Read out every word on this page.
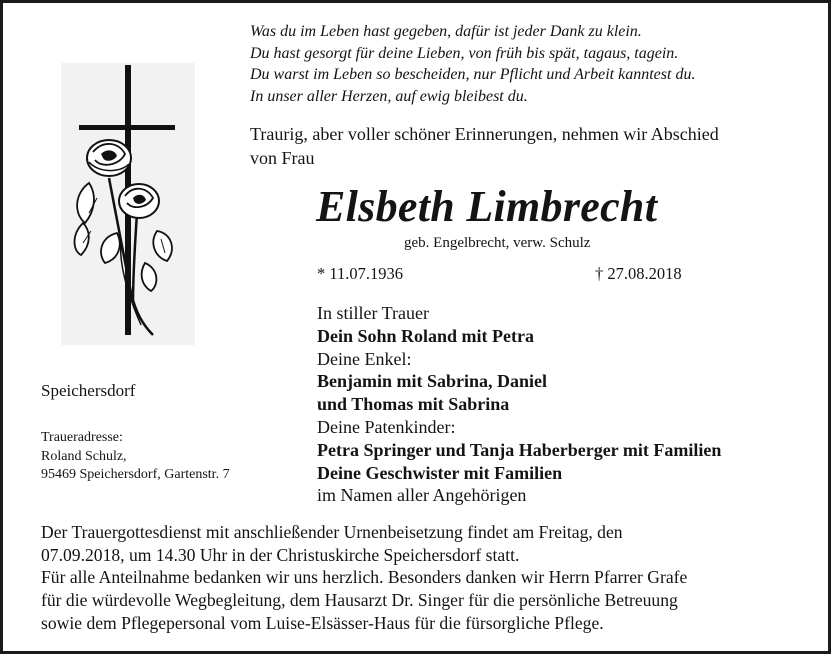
Was du im Leben hast gegeben, dafür ist jeder Dank zu klein.
Du hast gesorgt für deine Lieben, von früh bis spät, tagaus, tagein.
Du warst im Leben so bescheiden, nur Pflicht und Arbeit kanntest du.
In unser aller Herzen, auf ewig bleibest du.
Traurig, aber voller schöner Erinnerungen, nehmen wir Abschied
von Frau
Elsbeth Limbrecht
geb. Engelbrecht, verw. Schulz
* 11.07.1936	† 27.08.2018
In stiller Trauer
Dein Sohn Roland mit Petra
Deine Enkel:
Benjamin mit Sabrina, Daniel
und Thomas mit Sabrina
Deine Patenkinder:
Petra Springer und Tanja Haberberger mit Familien
Deine Geschwister mit Familien
im Namen aller Angehörigen
Speichersdorf
Traueradresse:
Roland Schulz,
95469 Speichersdorf, Gartenstr. 7
Der Trauergottesdienst mit anschließender Urnenbeisetzung findet am Freitag, den
07.09.2018, um 14.30 Uhr in der Christuskirche Speichersdorf statt.
Für alle Anteilnahme bedanken wir uns herzlich. Besonders danken wir Herrn Pfarrer Grafe
für die würdevolle Wegbegleitung, dem Hausarzt Dr. Singer für die persönliche Betreuung
sowie dem Pflegepersonal vom Luise-Elsässer-Haus für die fürsorgliche Pflege.
